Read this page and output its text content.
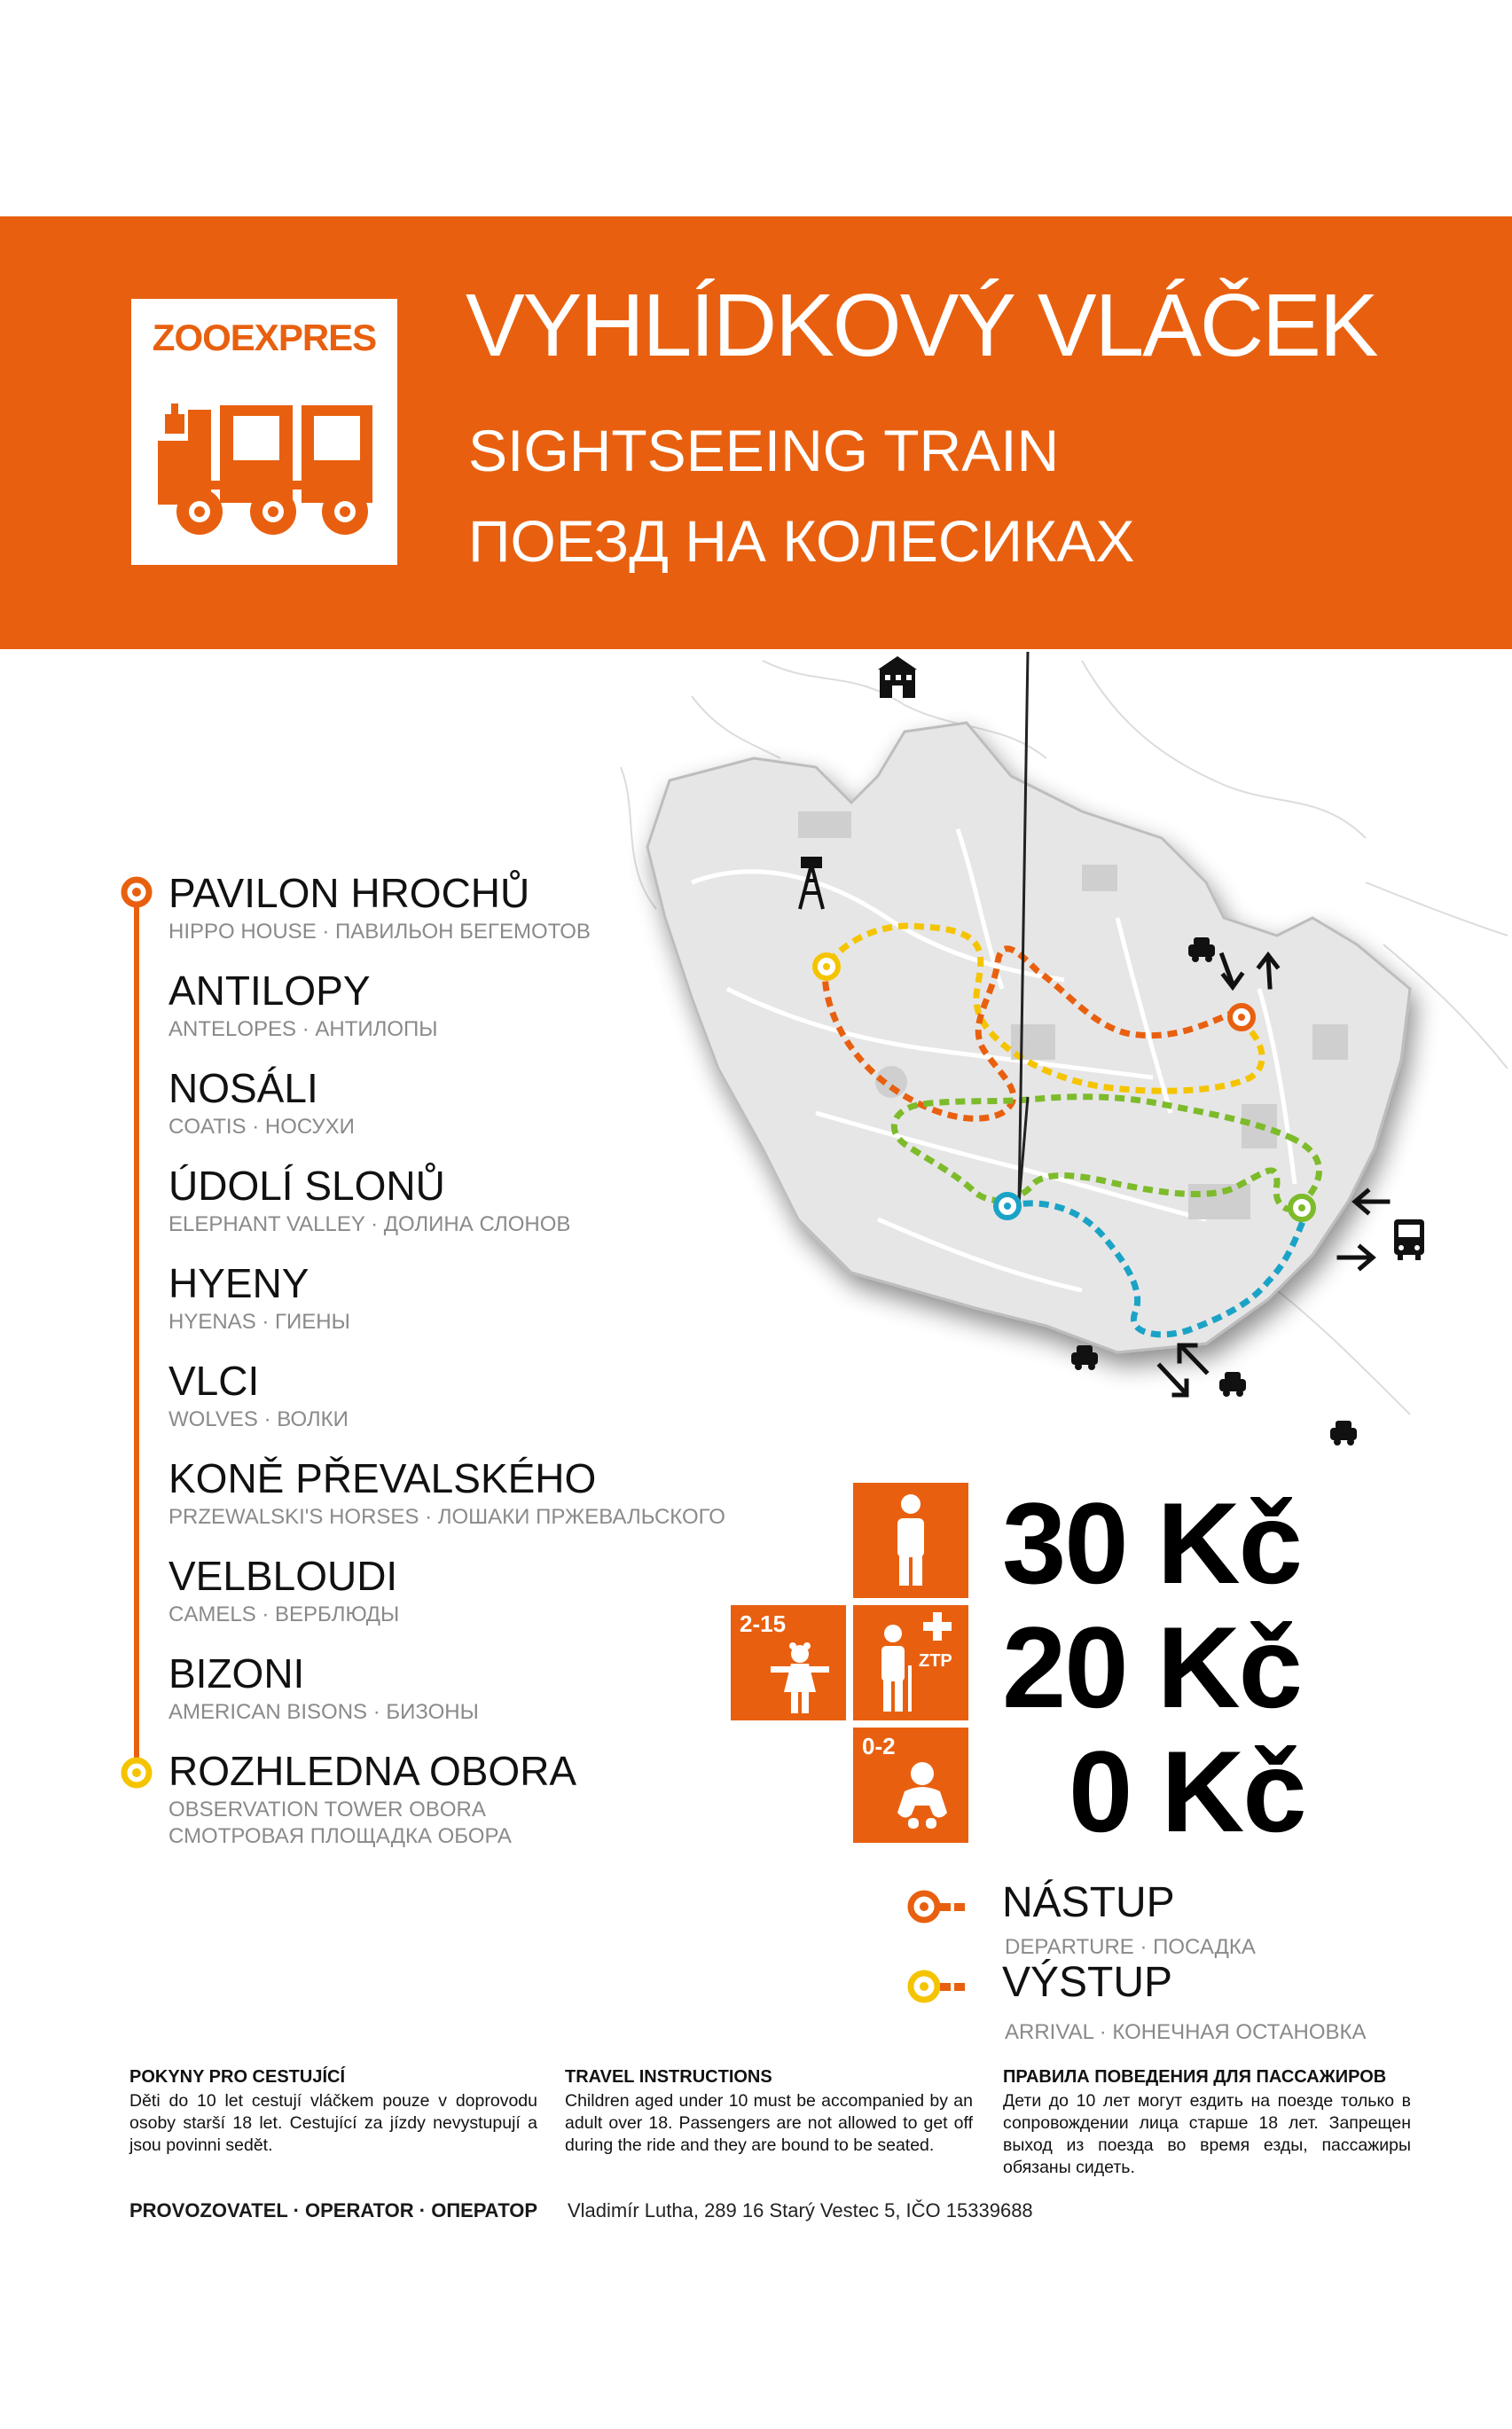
ZOOEXPRES VYHLÍDKOVÝ VLÁČEK
SIGHTSEEING TRAIN
ПОЕЗД НА КОЛЕСИКАХ
PAVILON HROCHŮ
HIPPO HOUSE · ПАВИЛЬОН БЕГЕМОТОВ
ANTILOPY
ANTELOPES · АНТИЛОПЫ
NOSÁLI
COATIS · НОСУХИ
ÚDOLÍ SLONŮ
ELEPHANT VALLEY · ДОЛИНА СЛОНОВ
HYENY
HYENAS · ГИЕНЫ
VLCI
WOLVES · ВОЛКИ
KONĚ PŘEVALSKÉHO
PRZEWALSKI'S HORSES · ЛОШАКИ ПРЖЕВАЛЬСКОГО
VELBLOUDI
CAMELS · ВЕРБЛЮДЫ
BIZONI
AMERICAN BISONS · БИЗОНЫ
ROZHLEDNA OBORA
OBSERVATION TOWER OBORA
СМОТРОВАЯ ПЛОЩАДКА ОБОРА
30 Kč
2-15
ZTP 20 Kč
0-2 0 Kč
NÁSTUP
DEPARTURE · ПОСАДКА
VÝSTUP
ARRIVAL · КОНЕЧНАЯ ОСТАНОВКА
POKYNY PRO CESTUJÍCÍ
Děti do 10 let cestují vláčkem pouze v doprovodu osoby starší 18 let. Cestující za jízdy nevystupují a jsou povinni sedět.
TRAVEL INSTRUCTIONS
Children aged under 10 must be accompanied by an adult over 18. Passengers are not allowed to get off during the ride and they are bound to be seated.
ПРАВИЛА ПОВЕДЕНИЯ ДЛЯ ПАССАЖИРОВ
Дети до 10 лет могут ездить на поезде только в сопровождении лица старше 18 лет. Запрещен выход из поезда во время езды, пассажиры обязаны сидеть.
PROVOZOVATEL · OPERATOR · ОПЕРАТОР Vladimír Lutha, 289 16 Starý Vestec 5, IČO 15339688
